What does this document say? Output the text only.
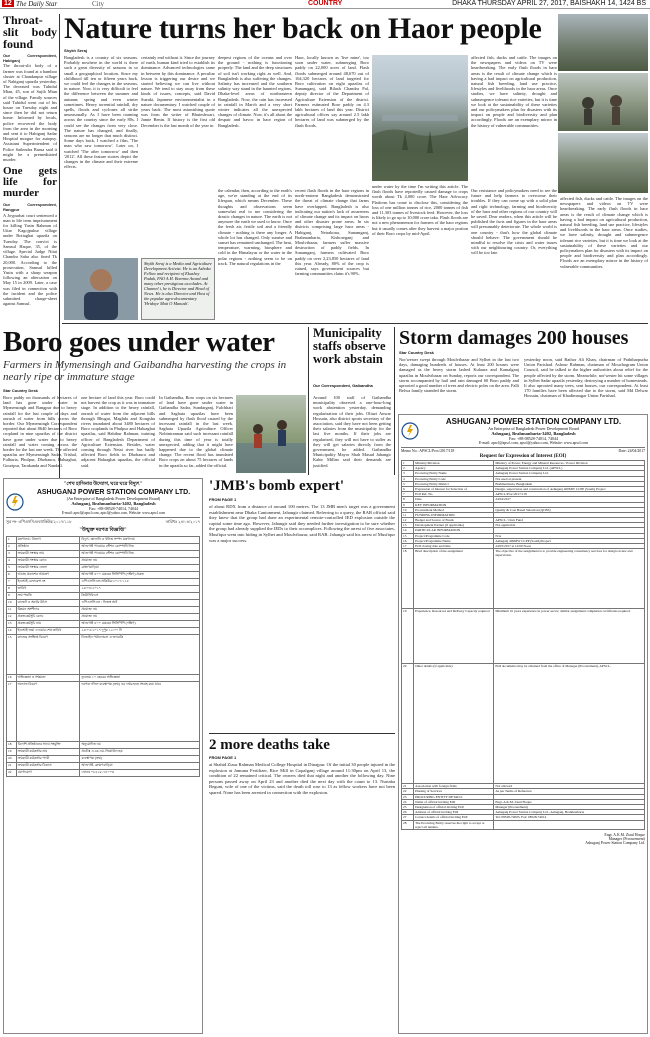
12 The Daily Star	City	COUNTRY	DHAKA THURSDAY APRIL 27, 2017, BAISHAKH 14, 1424 BS
Throat-slit body found
Our Correspondent, Habiganj
The throat-slit body of a farmer was found at a bamboo cluster at Chandanpur village of Nabiganj upazila yesterday. The deceased was Tuhidul Mian, 45, son of Sujib Mian of the village. Family sources said Tuhidul went out of his house on Tuesday night and since then he did not return home. Informed by locals, police recovered the body from the area in the morning and sent it to Habiganj Sadar Hospital morgue for autopsy. Assistant Superintendent of Police Sailendra Barua said it might be a premeditated murder.
One gets life for murder
Our Correspondent, Rangpur
A Joypurhat court sentenced a man to life term imprisonment for killing Yasin Rahman of Uttar Kagojpukur village under Botiaghat upazila on Tuesday. The convict is Samsul Haque, 35, of the village. Special Judge Nitai Chandra Saha also fined Tk 20,000. According to the prosecution, Samsul killed Yasin with a sharp weapon following an altercation on May 15 in 2009. Later, a case was filed in connection with the incident and the police submitted charge-sheet against Samsul.
Nature turns her back on Haor people
Shykh Seraj
Bangladesh is a country of six seasons. Probably nowhere in the world is there such a great diversity of seasons in so small a geographical location. Since my childhood till ten or fifteen years back, we could feel the changes in the seasons, in nature. Now, it is very difficult to feel the difference between the summer and autumn; spring and even winter sometimes. Heavy torrential rainfall, dry spells, floods and cyclones all strike unseasonally. As I have been roaming across the country since the early 80s, I could see the changes from very close. The nature has changed, and finally, seasons are no longer that much distinct. Some days back, I watched a film, 'The man who saw tomorrow'. Later on, I watched 'The after tomorrow' and then '2012'. All these feature stories depict the changes in the climate and their extreme effects.
certainly end without it. Since the journey of earth, human kind tried to establish its dominance. Advanced technologies came in between by this dominance. A peculiar lesson is triggering our desire and we started believing we can live without nature. We tend to stay away from these kinds of issues, concepts, said David Suzuki, Japanese environmentalist in a nature documentary. I watched couple of years back. The most astonishing quote was from the writer of Bhuteshwari, Jamie Benin. If history is the first old December is the last month of the year in
deepest regions of the oceans and over the ground - nothing is functioning properly. The land and the deep structures of soil isn't working right as well. And, Bangladesh is also suffering the changes. Salinity has increased and the southern salinity way stand in the haunted regions, Dhaka-level areas of northeastern Bangladesh. Now, the rain has increased in rainfall in March and a very short winter indicates all the unexpected changes of climate. Now, it's all about the despair and havoc in haor region of Bangladesh.
Haor, locally known as 'live mine', too soon under water, submerging Boro paddy on 22,000 acres of land. Flash floods submerged around 48,670 out of 164,320 hectares of land targeted for Boro cultivation on eight upazilas of Sunamganj, said Bilash Chandra Pal, deputy director of the Department of Agriculture Extension of the district. Farmers estimated Boro paddy on 4.3 lakh hectares of land this year. District agricultural offices say around 2.5 lakh hectares of land was submerged by the flash floods.
affected fish, ducks and cattle. The images on the newspapers and videos on TV were heartbreaking. The early flash floods in haor areas is the result of climate change which is having a bad impact on agricultural production, natural fish breeding, land use practice, lifestyles and livelihoods in the haor areas. Once studies, we have salinity, drought and submergence tolerant rice varieties, but it is time we look at the sustainability of these varieties and our policymakers plan for disasters with its impact on people and biodiversity and plan accordingly. Floods are an exemplary mirror in the history of vulnerable communities.
Shykh Seraj is a Media and Agriculture Development Activist. He is an Ashoka Fellow and recipient of Ekushey Padak, FAO A.H. Boerma Award and many other prestigious accolades. At Channel i, he is Director and Head of News. He is also Director and Host of the popular agro-documentary 'Hridoye Mati O Manush'.
the calendar, then, according to the earth's age, we're standing at the end of its lifespan, which means December. These thoughts and observations seem somewhat real to me considering the drastic changes in nature. The earth is not anymore the earth we used to know. Once the fresh air, fertile soil and a friendly climate - nothing is there any longer. A whole lot has changed. Only sunrise and sunset has remained unchanged. The heat, temperature, warming, biosphere and cold in the Himalayas or the water in the polar regions - nothing seem to be on track. The natural regulations in the
recent flash floods in the haor regions in north-eastern Bangladesh demonstrated the threat of climate change that farms have overlapped. Bangladesh is also indicating our nation's lack of awareness of climate change and its impact on haors and other disaster prone areas. In six districts comprising large haor areas - Habiganj, Netrakona, Sunamganj, Brahmanbaria, Kishoreganj and Moulvibazar, farmers suffer massive destruction of paddy fields. In Sunamganj, farmers cultivated Boro paddy on over 2,23,850 hectares of land this year. Already, 80% of the crop is ruined, says government sources but farming communities claim it's 90%.
under water by the time I'm writing this article. The flash floods have reportedly caused damage to crops worth about Tk 4,000 crore. The Haor Advocacy Platform has come to disclose this, considering the loss of one million tonnes of rice, 2000 tonnes of fish and 11,303 tonnes of livestock feed. However, the loss is likely to go up to 10,000 crore taka. Flash floods are not a new phenomenon for farmers of the haor regions but it usually comes after they harvest a major portion of their Boro crops by mid-April.
Our resistance and policymakers need to see the future and help farmers to overcome their troubles. If they can come up with a solid plan and right technology, farming and biodiversity of the haor and other regions of our country will be saved. Dear readers, when this article will be published the facts and figures in the haor areas will presumably deteriorate. The whole world is one country - that's how the global climate should behave. The government should be mindful to resolve the crisis and water issues with our neighbouring country. Or, everything will be too late.
affected fish, ducks and cattle. The images on the newspapers and videos on TV were heartbreaking. The early flash floods in haor areas is the result of climate change which is having a bad impact on agricultural production, natural fish breeding, land use practice, lifestyles and livelihoods in the haor areas. Once studies, we have salinity, drought and submergence tolerant rice varieties, but it is time we look at the sustainability of these varieties and our policymakers plan for disasters with its impact on people and biodiversity and plan accordingly. Floods are an exemplary mirror in the history of vulnerable communities.
Boro goes under water
Farmers in Mymensingh and Gaibandha harvesting the crops in nearly ripe or immature stage
Star Country Desk
Boro paddy on thousands of hectares of land has gone under water in Mymensingh and Rangpur due to heavy rainfall for the last couple of days and onrush of water from hills across the border. Our Mymensingh Correspondent reported that about 8640 hectares of Boro cropland in nine upazilas of the district have gone under water due to heavy rainfall and water coming across the border for the last one week. The affected upazilas are Mymensingh Sadar, Trishal, Fulbaria, Phulpur, Dhobaura, Haluaghat, Gouripur, Tarakanda and Nandail.
one hectare of land this year. Boro could not harvest the crop as it was in immature stage. In addition to the heavy rainfall, onrush of water from the adjacent hills through Bhugai, Maghda and Kongsha rivers inundated about 3480 hectares of Boro croplands in Phulpur and Haluaghat upazilas, said Habibur Rahman, training officer of Bangladesh Department of Agriculture Extension. Besides, water coming through Netai river has badly affected Boro fields in Dhobaura and adjacent Haluaghat upazilas, the official said.
In Gaibandha, Boro crops on six hectares of land have gone under water in Gaibandha Sadar, Sundarganj, Fulchhari and Saghata upazilas have been submerged by flash flood caused by the incessant rainfall in the last week. Saghata Upazila Agriculture Officer Nobinirannan said such incessant rainfall during this time of year is totally unexpected, adding that it might have happened due to the global climate change. The recent flood has inundated Boro crops on about 75 hectares of lands in the upazila so far, added the official.
Municipality staffs observe work abstain
Our Correspondent, Gaibandha
Around 100 staff of Gaibandha municipality observed a one-hour-long work abstention yesterday, demanding regularisation of their jobs. Oliuzi Anwar Hossain, also district sports secretary of the association, said they have not been getting their salaries from the municipality for the last five months. If their jobs are regularised, they will not have to suffer as they will get salaries directly from the government, he added. Gaibandha Municipality Mayor Shah Masud Jahangir Kabir Millan said their demands are justified.
Storm damages 200 houses
Star Country Desk
Nor'wester swept through Moulvibazar and Sylhet in the last two days, damaging hundreds of houses. At least 200 houses were damaged as the heavy storm lashed Kulaura and Kamalganj upazilas in Moulvibazar on Sunday, reports our correspondent. The storm accompanied by hail and rain damaged 60 Boro paddy and uprooted a good number of trees and electric poles on the area. Falli Belwa family stranded the storm.
yesterday noon, said Rathor Ali Khan, chairman of Paththarpurba Union Parishad. Ashour Rahman, chairman of Mouchogram Union Council, said he talked to the higher authorities about relief for the people affected by the storm. Meanwhile, nor'wester hit some villages in Sylhet Sadar upazila yesterday, destroying a number of homesteads. It also uprooted many trees, sent houses, our correspondent. At least 170 families have been affected due to the storm, said Md Delwar Hossain, chairman of Khadimnagar Union Parishad.
ASHUGANJ POWER STATION COMPANY LTD.
An Enterprise of Bangladesh Power Development Board
Ashuganj, Brahmanbaria-3402, Bangladesh
Fax: +88-08528-74014, 74044
E-mail: apscl@apscl.com, apscl@yahoo.com, Website: www.apscl.com
Memo No.: APSCL/Proc/2017/118	Date: 24/04/2017
Request for Expression of Interest (EOI)
1	Ministry/Division	Ministry of Power, Energy and Mineral Resources / Power Division
2	Agency	Ashuganj Power Station Company Ltd. (APSCL)
3	Procuring Entity Name	Ashuganj Power Station Company Ltd.
4	Procuring Entity Code	Not used at present
5	Procuring Entity District	Brahmanbaria, Bangladesh
6	Expression of Interest for Selection of	Design, supervision and construction of Ashuganj 400MW CCPP (South) Project
7	EOI Ref. No.	APSCL/Proc/2017/118
8	Date	24/04/2017
9	KEY INFORMATION	
10	Procurement Method	Quality & Cost Based Selection (QCBS)
11	FUNDING INFORMATION	
12	Budget and Source of Funds	APSCL / Own Fund
13	Development Partner (if applicable)	Not applicable
14	PARTICULAR INFORMATION	
15	Project/Programme Code	N/A
16	Project/Programme Name	Ashuganj 400MW CCPP (South) Project
17	EOI closing date and time	24/05/2017 at 12:00 Noon
18	Brief description of the assignment	The objective of the assignment is to provide engineering consultancy services for design review and supervision.
19	Experience, Resources and Delivery Capacity required	Minimum 10 years experience in power sector; similar assignment completion certificates required.
20	Other details (if applicable)	EOI documents may be obtained from the office of Manager (Procurement), APSCL.
21	Association with foreign firms	Not allowed
22	Phasing of Services	As per Terms of Reference
23	PROCURING ENTITY DETAILS	
24	Name of official inviting EOI	Engr. A.K.M. Ziaul Hoque
25	Designation of official inviting EOI	Manager (Procurement)
26	Address of official inviting EOI	Ashuganj Power Station Company Ltd., Ashuganj, Brahmanbaria
27	Contact details of official inviting EOI	Tel: 08528-74003, Fax: 08528-74014
28	The Procuring Entity reserves the right to accept or reject all tenders.	
Engr. A.K.M. Ziaul Hoque
Manager (Procurement)
Ashuganj Power Station Company Ltd.
"শেখ হাসিনার উদ্যোগ, ঘরে ঘরে বিদ্যুৎ"
ASHUGANJ POWER STATION COMPANY LTD.
(An Enterprise of Bangladesh Power Development Board)
Ashuganj, Brahmanbaria-3402, Bangladesh
Fax: +88-08528-74014, 74044
E-mail: apscl@apscl.com, apscl@yahoo.com, Website: www.apscl.com
সূত্র নং- এপিএসসিএল/প্রকিউর/২০১৭/১১৮	তারিখঃ ২৪/০৪/২০১৭
"উন্মুক্ত দরপত্র বিজ্ঞপ্তি"
1	মন্ত্রণালয় / বিভাগ	বিদ্যুৎ, জ্বালানি ও খনিজ সম্পদ মন্ত্রণালয়
2	প্রতিষ্ঠান	আশুগঞ্জ পাওয়ার স্টেশন কোম্পানী লিঃ
3	ক্রয়কারী সংস্থার নাম	আশুগঞ্জ পাওয়ার স্টেশন কোম্পানী লিঃ
4	ক্রয়কারী সংস্থার কোড	প্রযোজ্য নয়
5	ক্রয়কারী সংস্থার জেলা	ব্রাহ্মণবাড়িয়া
6	আগ্রহ প্রকাশের আমন্ত্রণ	আশুগঞ্জ ৪০০ মেঃওঃ সিসিপিপি (দক্ষিণ) প্রকল্প
7	ইওআই রেফারেন্স নং	এপিএসসিএল/প্রকিউর/২০১৭/১১৮
8	তারিখ	২৪/০৪/২০১৭
9	ক্রয় পদ্ধতি	কিউসিবিএস
10	বাজেট ও অর্থের উৎস	এপিএসসিএল / নিজস্ব অর্থ
11	উন্নয়ন অংশীদার	প্রযোজ্য নয়
12	প্রকল্প/কর্মসূচি কোড	প্রযোজ্য নয়
13	প্রকল্প/কর্মসূচি নাম	আশুগঞ্জ ৪০০ মেঃওঃ সিসিপিপি (দক্ষিণ)
14	ইওআই জমা দেওয়ার শেষ তারিখ	২৪/০৫/২০১৭ দুপুর ১২:০০ টা
15	কাজের সংক্ষিপ্ত বিবরণ	ডিজাইন পর্যালোচনা ও তদারকি
16	অভিজ্ঞতা ও সক্ষমতা	ন্যূনতম ১০ বছরের অভিজ্ঞতা
17	অন্যান্য বিবরণ	দরপত্র দলিল ব্যবস্থাপক (ক্রয়) এর দপ্তর হতে সংগ্রহ করা যাবে
18	বিদেশি প্রতিষ্ঠানের সাথে সংযুক্তি	অনুমোদিত নয়
19	ক্রয়কারী কর্মকর্তার নাম	প্রকৌঃ এ.কে.এম. জিয়াউল হক
20	ক্রয়কারী কর্মকর্তার পদবী	ব্যবস্থাপক (ক্রয়)
21	ক্রয়কারী কর্মকর্তার ঠিকানা	আশুগঞ্জ, ব্রাহ্মণবাড়িয়া
22	যোগাযোগ	ফোনঃ ০৮৫২৮-৭৪০০৩
'JMB's bomb expert'
FROM PAGE 1
of about RDX from a distance of around 100 metres. The 13 JMB men's target was a government establishment near Dhaka Cantonment, Jahangir claimed. Referring to a query, the RAB official said they knew that the group had done an experimental remote-controlled IED explosion outside the capital some time ago. However, Jahangir said they needed further investigation to be sure whether the group had already supplied the IEDs to their accomplices. Following the arrest of five associates, Musfiqur went into hiding in Sylhet and Moulvibazar, said RAB. Jahangir said his arrest of Musfiqur was a major success.
2 more deaths take
FROM PAGE 1
at Shahid Ziaur Rahman Medical College Hospital in Dinajpur. Of the initial 30 people injured in the explosion at Jamuna Fertilizer, Rice Mill in Gopalganj village around 11:30pm on April 13, the condition of 22 remained critical. The owners died that night and another the following day. Nine persons passed away on April 23 and another died the next day with the count to 13. Nurtaba Begum, wife of one of the victims, said the death toll rose to 13 as fellow workers have not been spared. None has been arrested in connection with the explosion.
